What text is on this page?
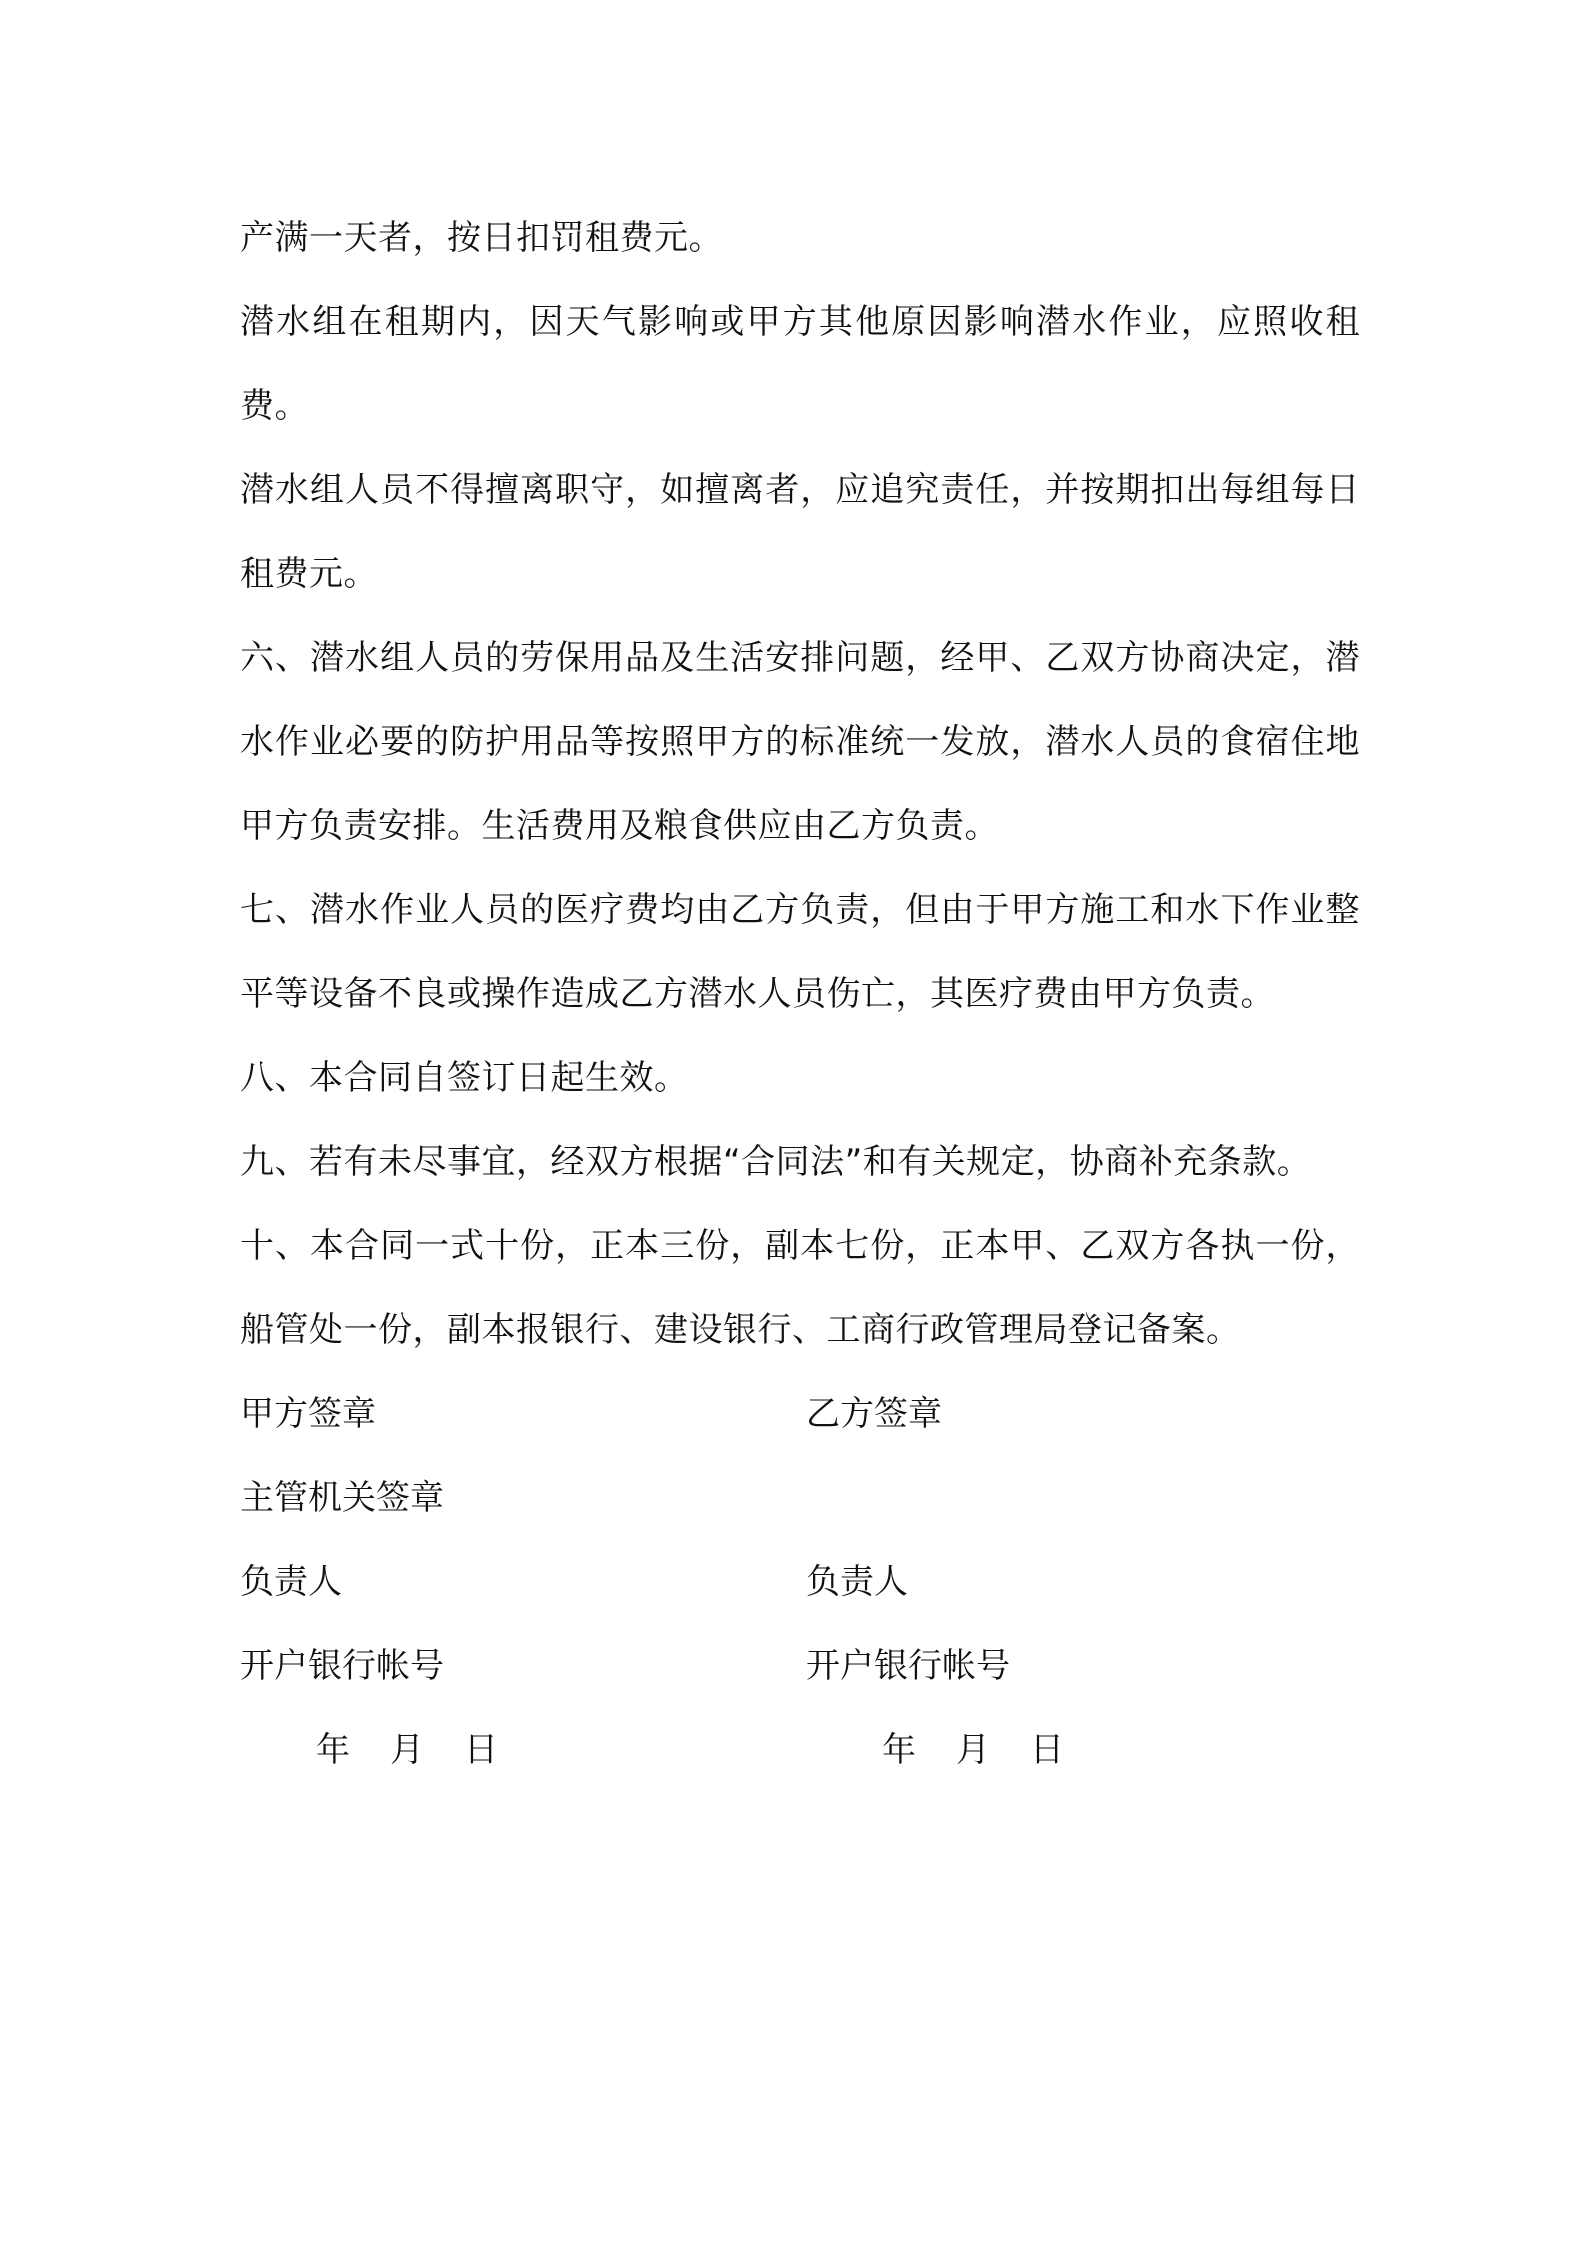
产满一天者，按日扣罚租费元。

潜水组在租期内，因天气影响或甲方其他原因影响潜水作业，应照收租费。

潜水组人员不得擅离职守，如擅离者，应追究责任，并按期扣出每组每日租费元。

六、潜水组人员的劳保用品及生活安排问题，经甲、乙双方协商决定，潜水作业必要的防护用品等按照甲方的标准统一发放，潜水人员的食宿住地甲方负责安排。生活费用及粮食供应由乙方负责。

七、潜水作业人员的医疗费均由乙方负责，但由于甲方施工和水下作业整平等设备不良或操作造成乙方潜水人员伤亡，其医疗费由甲方负责。

八、本合同自签订日起生效。

九、若有未尽事宜，经双方根据“合同法”和有关规定，协商补充条款。

十、本合同一式十份，正本三份，副本七份，正本甲、乙双方各执一份，船管处一份，副本报银行、建设银行、工商行政管理局登记备案。

甲方签章	乙方签章
主管机关签章
负责人	负责人
开户银行帐号	开户银行帐号
年 月 日	年 月 日
